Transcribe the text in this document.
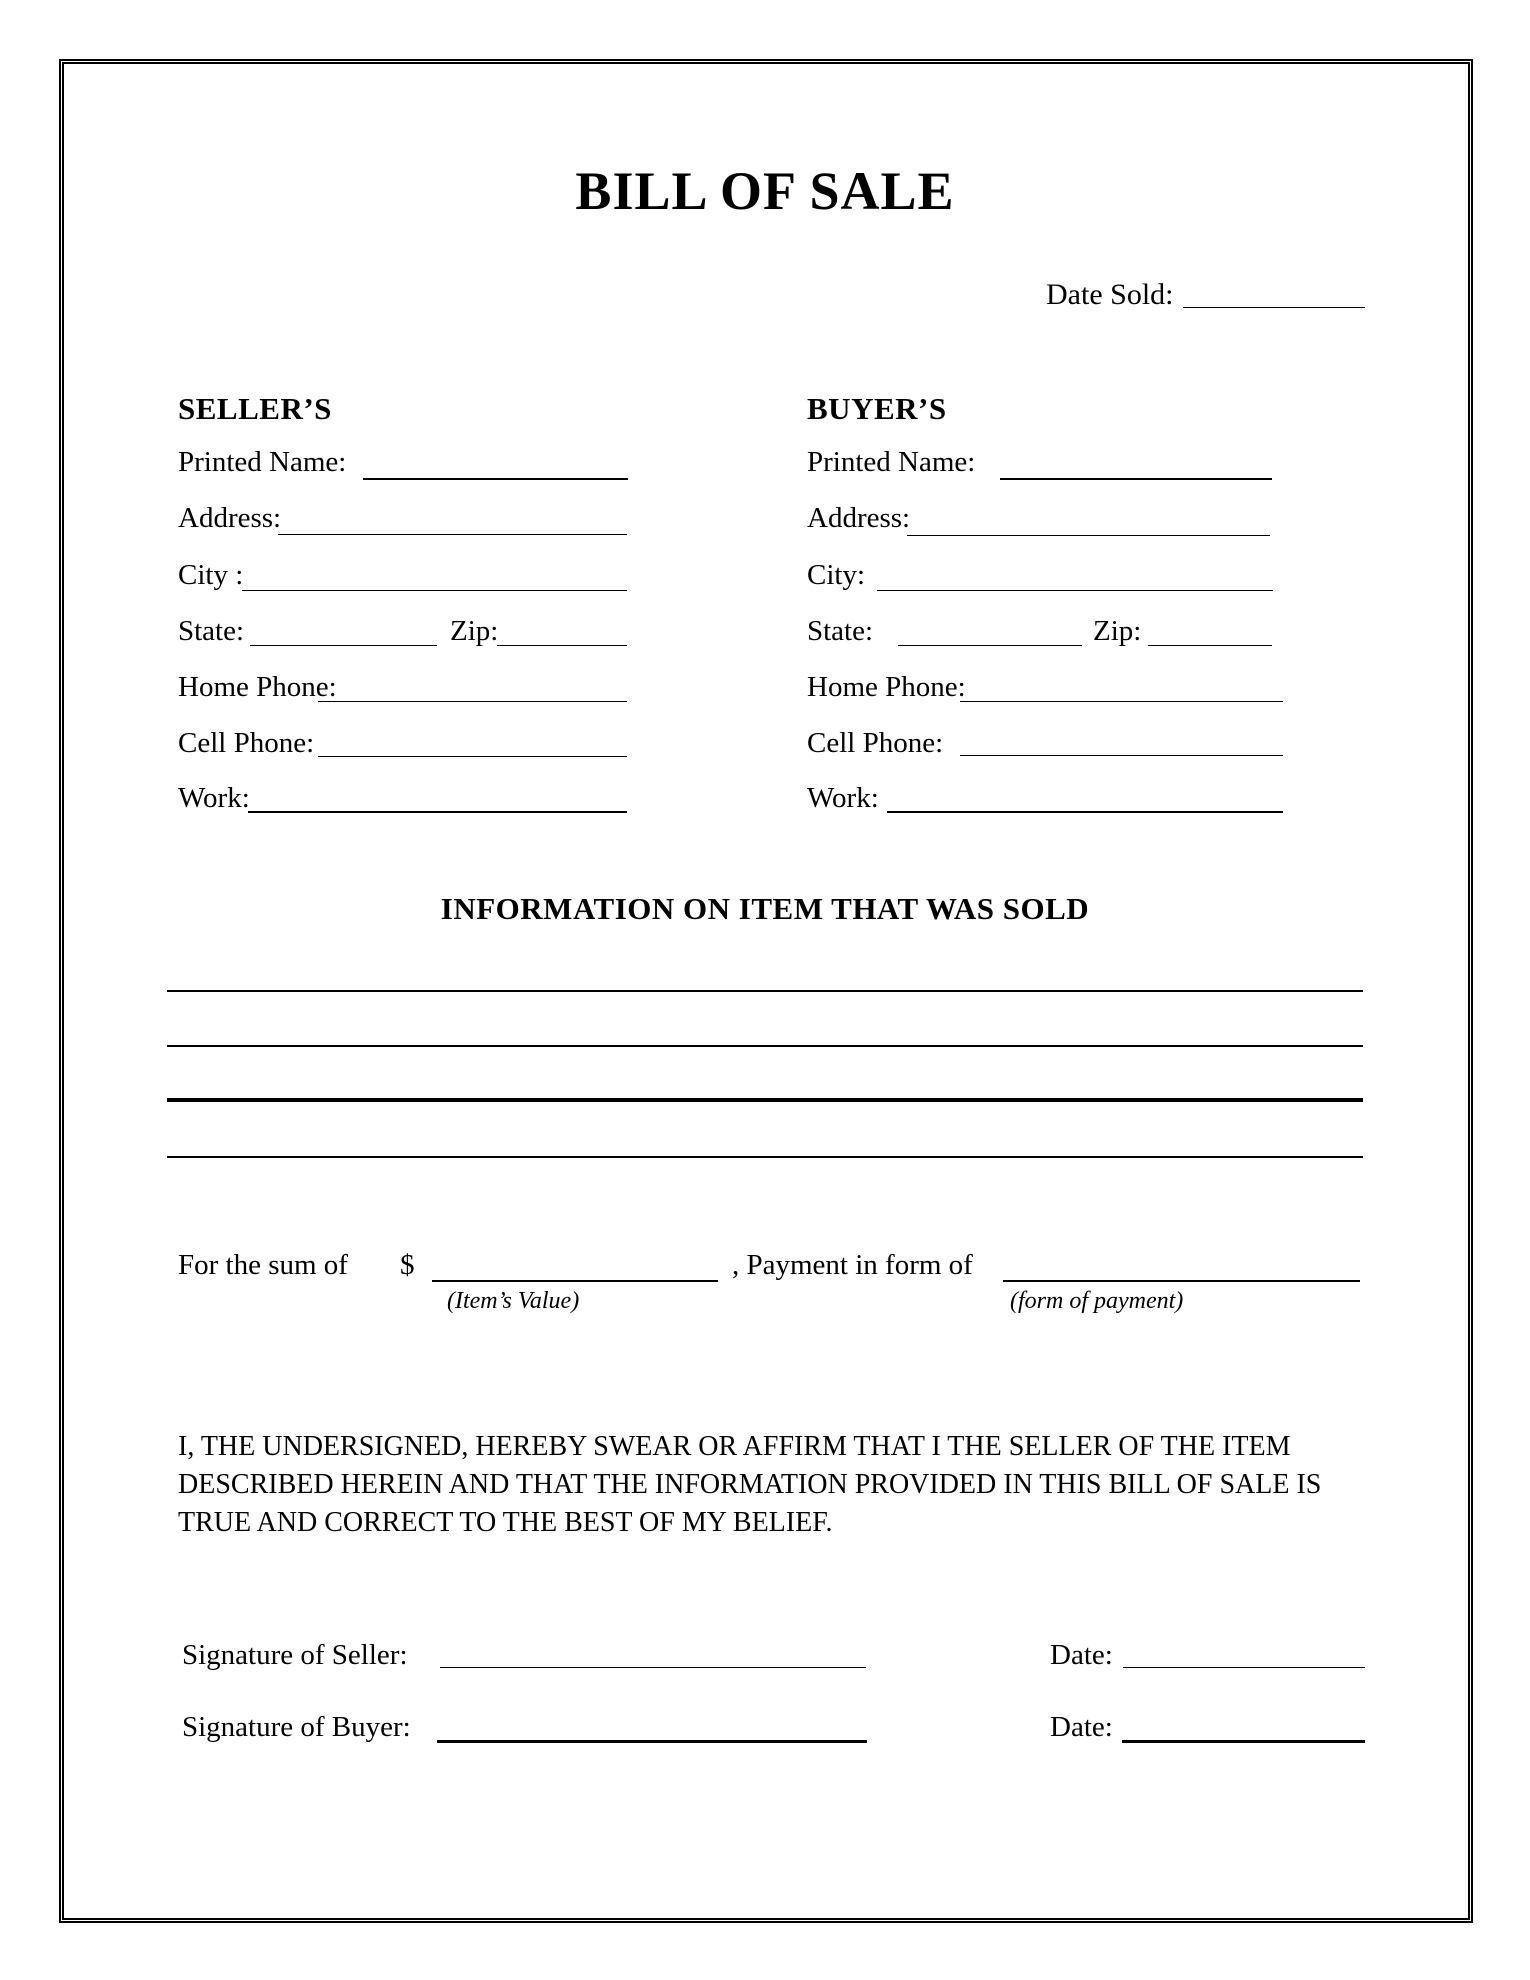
BILL OF SALE
Date Sold:
SELLER’S
Printed Name:
Address:
City :
State:	Zip:
Home Phone:
Cell Phone:
Work:
BUYER’S
Printed Name:
Address:
City:
State:	Zip:
Home Phone:
Cell Phone:
Work:
INFORMATION ON ITEM THAT WAS SOLD
For the sum of $
(Item’s Value)
, Payment in form of
(form of payment)
I, THE UNDERSIGNED, HEREBY SWEAR OR AFFIRM THAT I THE SELLER OF THE ITEM
DESCRIBED HEREIN AND THAT THE INFORMATION PROVIDED IN THIS BILL OF SALE IS
TRUE AND CORRECT TO THE BEST OF MY BELIEF.
Signature of Seller:	Date:
Signature of Buyer:	Date:
